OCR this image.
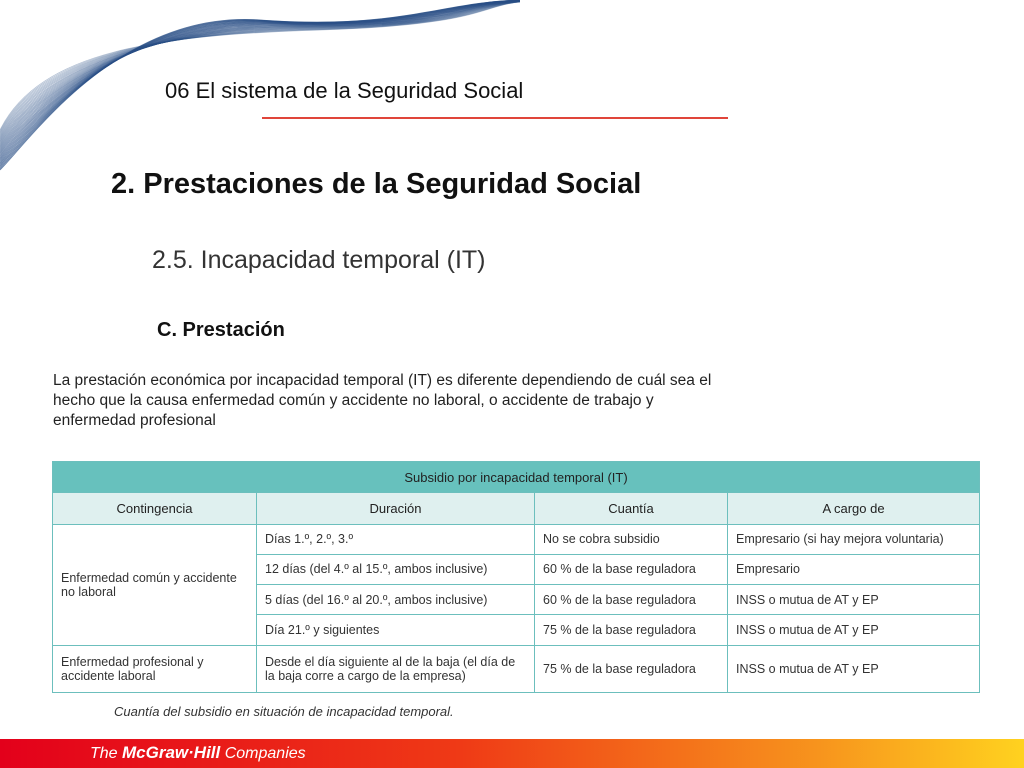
06 El sistema de la Seguridad Social
2. Prestaciones de la Seguridad Social
2.5. Incapacidad temporal (IT)
C. Prestación
La prestación económica por incapacidad temporal (IT) es diferente dependiendo de cuál sea el hecho que la causa enfermedad común y accidente no laboral, o accidente de trabajo y enfermedad profesional
Subsidio por incapacidad temporal (IT)			
Contingencia	Duración	Cuantía	A cargo de
Enfermedad común y accidente no laboral	Días 1.º, 2.º, 3.º	No se cobra subsidio	Empresario (si hay mejora voluntaria)
	12 días (del 4.º al 15.º, ambos inclusive)	60 % de la base reguladora	Empresario
	5 días (del 16.º al 20.º, ambos inclusive)	60 % de la base reguladora	INSS o mutua de AT y EP
	Día 21.º y siguientes	75 % de la base reguladora	INSS o mutua de AT y EP
Enfermedad profesional y accidente laboral	Desde el día siguiente al de la baja (el día de la baja corre a cargo de la empresa)	75 % de la base reguladora	INSS o mutua de AT y EP
Cuantía del subsidio en situación de incapacidad temporal.
The McGraw·Hill Companies
